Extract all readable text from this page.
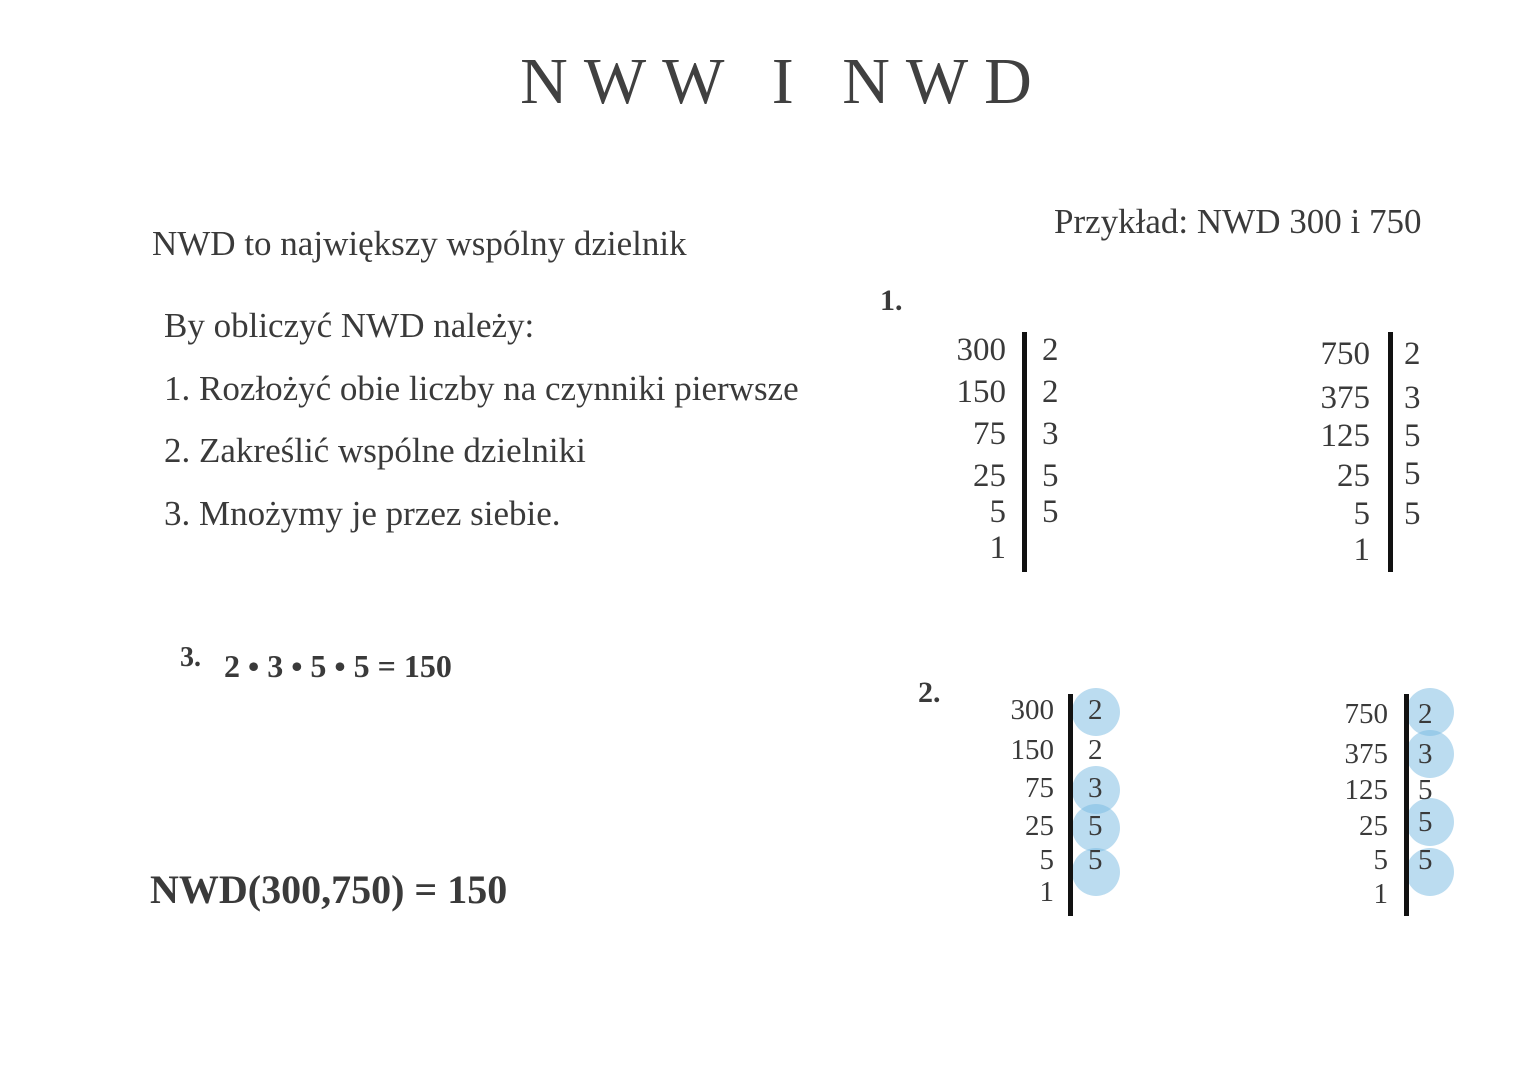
NWW I NWD
NWD to największy wspólny dzielnik
By obliczyć NWD należy:
1. Rozłożyć obie liczby na czynniki pierwsze
2. Zakreślić wspólne dzielniki
3. Mnożymy je przez siebie.
Przykład: NWD 300 i 750
1.
300
150
75
25
5
1
2
2
3
5
5
750
375
125
25
5
1
2
3
5
5
5
2.
300
150
75
25
5
1
2
2
3
5
5
750
375
125
25
5
1
2
3
5
5
5
3. 2 • 3 • 5 • 5 = 150
NWD(300,750) = 150
